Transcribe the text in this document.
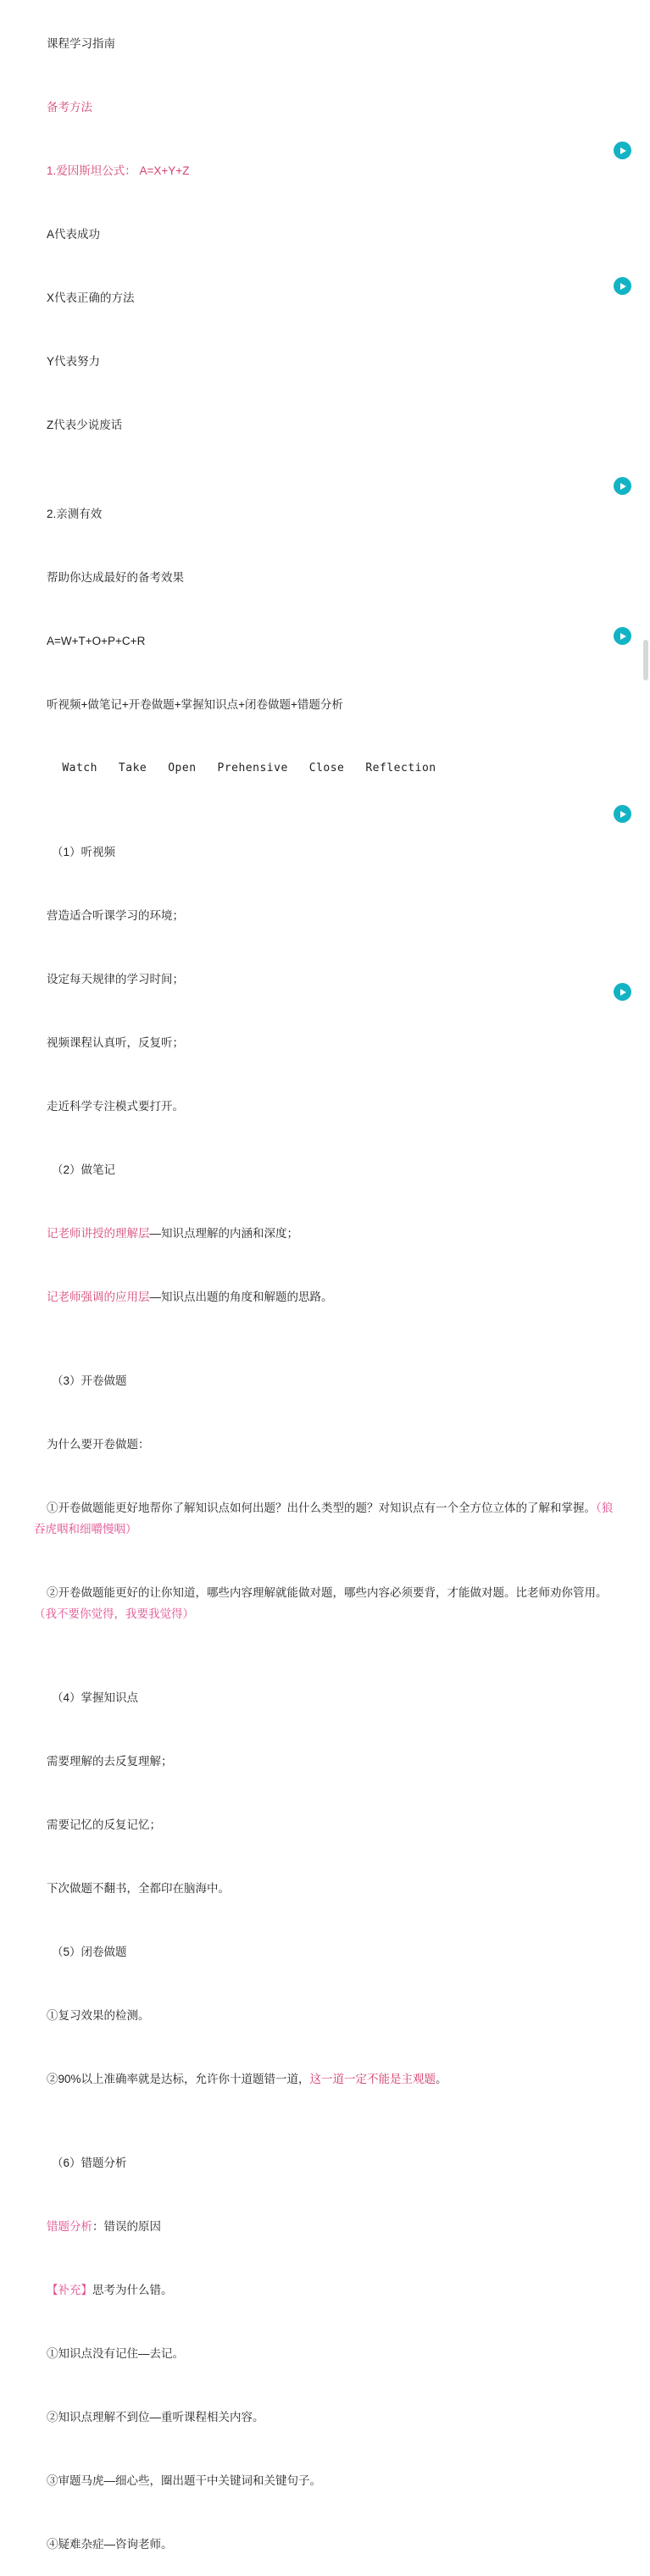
课程学习指南

备考方法

1.爱因斯坦公式： A=X+Y+Z

A代表成功

X代表正确的方法

Y代表努力

Z代表少说废话

2.亲测有效

帮助你达成最好的备考效果

A=W+T+O+P+C+R

听视频+做笔记+开卷做题+掌握知识点+闭卷做题+错题分析

Watch   Take   Open   Prehensive   Close   Reflection

（1）听视频

营造适合听课学习的环境；

设定每天规律的学习时间；

视频课程认真听，反复听；

走近科学专注模式要打开。

（2）做笔记

记老师讲授的理解层—知识点理解的内涵和深度；

记老师强调的应用层—知识点出题的角度和解题的思路。

（3）开卷做题

为什么要开卷做题：

①开卷做题能更好地帮你了解知识点如何出题？出什么类型的题？对知识点有一个全方位立体的了解和掌握。（狼吞虎咽和细嚼慢咽）

②开卷做题能更好的让你知道，哪些内容理解就能做对题，哪些内容必须要背，才能做对题。比老师劝你管用。（我不要你觉得，我要我觉得）

（4）掌握知识点

需要理解的去反复理解；

需要记忆的反复记忆；

下次做题不翻书，全都印在脑海中。

（5）闭卷做题

①复习效果的检测。

②90%以上准确率就是达标，允许你十道题错一道，这一道一定不能是主观题。

（6）错题分析

错题分析：错误的原因

【补充】思考为什么错。

①知识点没有记住—去记。

②知识点理解不到位—重听课程相关内容。

③审题马虎—细心些，圈出题干中关键词和关键句子。

④疑难杂症—咨询老师。
